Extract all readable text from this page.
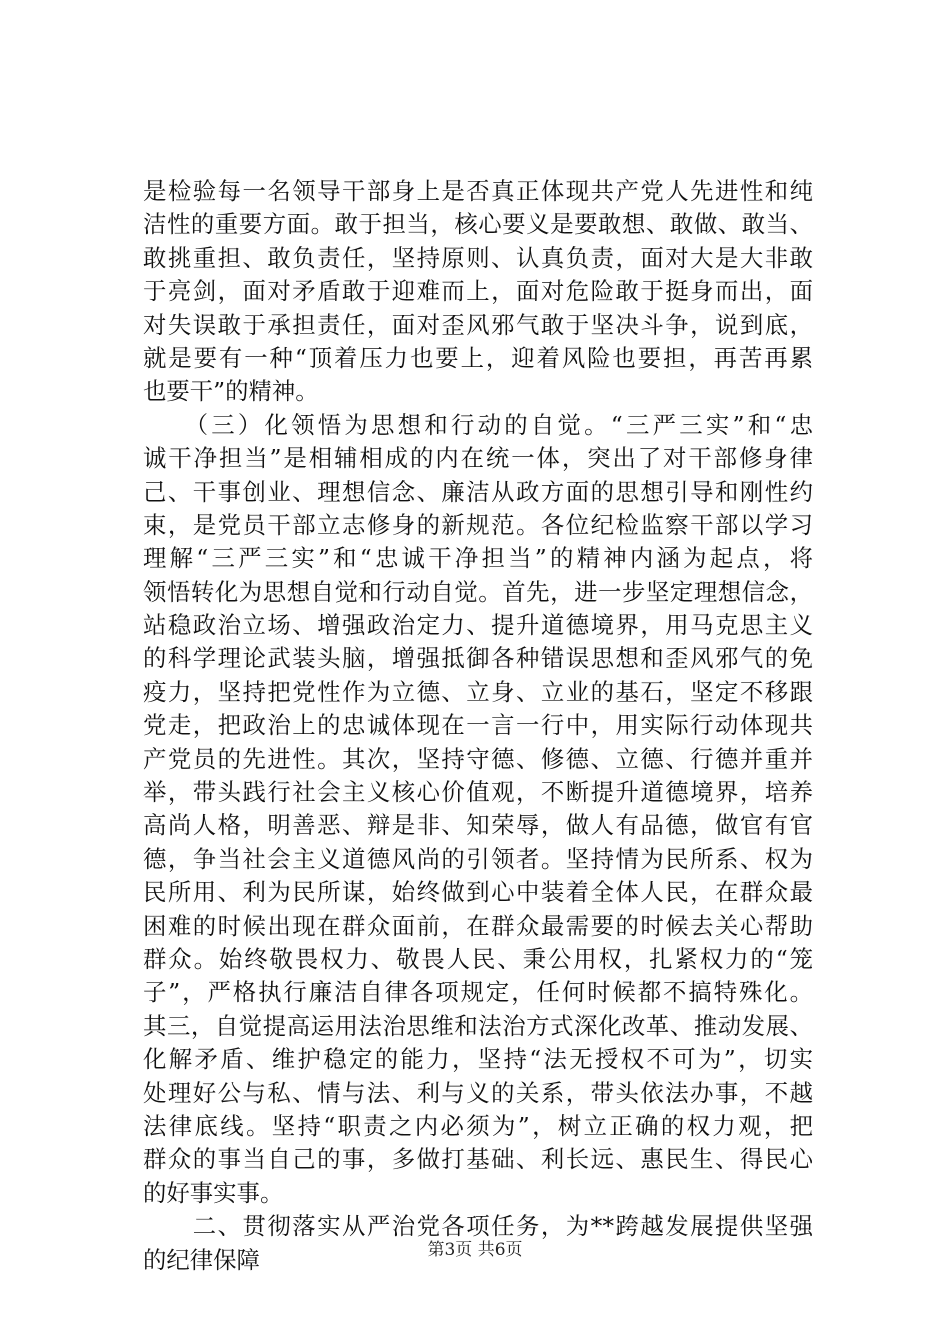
是检验每一名领导干部身上是否真正体现共产党人先进性和纯
洁性的重要方面。敢于担当，核心要义是要敢想、敢做、敢当、
敢挑重担、敢负责任，坚持原则、认真负责，面对大是大非敢
于亮剑，面对矛盾敢于迎难而上，面对危险敢于挺身而出，面
对失误敢于承担责任，面对歪风邪气敢于坚决斗争，说到底，
就是要有一种“顶着压力也要上，迎着风险也要担，再苦再累
也要干”的精神。
　　（三）化领悟为思想和行动的自觉。“三严三实”和“忠
诚干净担当”是相辅相成的内在统一体，突出了对干部修身律
己、干事创业、理想信念、廉洁从政方面的思想引导和刚性约
束，是党员干部立志修身的新规范。各位纪检监察干部以学习
理解“三严三实”和“忠诚干净担当”的精神内涵为起点，将
领悟转化为思想自觉和行动自觉。首先，进一步坚定理想信念，
站稳政治立场、增强政治定力、提升道德境界，用马克思主义
的科学理论武装头脑，增强抵御各种错误思想和歪风邪气的免
疫力，坚持把党性作为立德、立身、立业的基石，坚定不移跟
党走，把政治上的忠诚体现在一言一行中，用实际行动体现共
产党员的先进性。其次，坚持守德、修德、立德、行德并重并
举，带头践行社会主义核心价值观，不断提升道德境界，培养
高尚人格，明善恶、辩是非、知荣辱，做人有品德，做官有官
德，争当社会主义道德风尚的引领者。坚持情为民所系、权为
民所用、利为民所谋，始终做到心中装着全体人民，在群众最
困难的时候出现在群众面前，在群众最需要的时候去关心帮助
群众。始终敬畏权力、敬畏人民、秉公用权，扎紧权力的“笼
子”，严格执行廉洁自律各项规定，任何时候都不搞特殊化。
其三，自觉提高运用法治思维和法治方式深化改革、推动发展、
化解矛盾、维护稳定的能力，坚持“法无授权不可为”，切实
处理好公与私、情与法、利与义的关系，带头依法办事，不越
法律底线。坚持“职责之内必须为”，树立正确的权力观，把
群众的事当自己的事，多做打基础、利长远、惠民生、得民心
的好事实事。
　　二、贯彻落实从严治党各项任务，为**跨越发展提供坚强
的纪律保障	第3页 共6页
